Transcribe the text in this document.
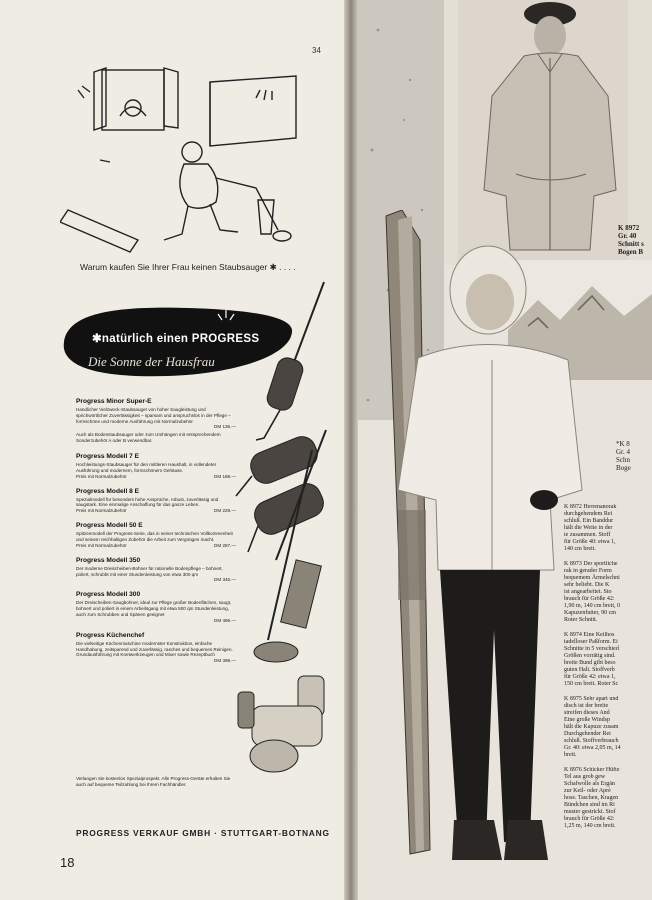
34
Warum kaufen Sie Ihrer Frau keinen Staubsauger ✱ . . . .
✱natürlich einen PROGRESS
Die Sonne der Hausfrau
Progress Minor Super-E
Handlicher Vielzweck-Staubsauger von hoher Saugleistung und sprichwörtlicher Zuverlässigkeit – sparsam und anspruchslos in der Pflege – formschöne und moderne Ausführung mit Normalzubehör
DM 135.—
Auch als Bodenstaubsauger oder zum Umhängen mit entsprechendem Sonderzubehör A oder B verwendbar.
Progress Modell 7 E
Hochleistungs-Staubsauger für den mittleren Haushalt, in vollendeter Ausführung und modernem, formschönem Gehäuse.
Preis mit Normalzubehör	DM 188.—
Progress Modell 8 E
Spezialmodell für besonders hohe Ansprüche, robust, zuverlässig und saugstark. Eine einmalige Anschaffung für das ganze Leben.
Preis mit Normalzubehör	DM 228.—
Progress Modell 50 E
Spitzenmodell der Progress-Serie, das in seiner technischen Vollkommenheit und seinem reichhaltigen Zubehör die Arbeit zum Vergnügen macht.
Preis mit Normalzubehör	DM 287.—
Progress Modell 350
Der moderne Dreischeiben-Bohner für rationelle Bodenpflege – bohnert, poliert, schrubbt mit einer Stundenleistung von etwa 300 qm
DM 345.—
Progress Modell 300
Der Dreischeiben-Saugbohner, ideal zur Pflege großer Bodenflächen, saugt, bohnert und poliert in einem Arbeitsgang mit etwa 500 qm Stundenleistung, auch zum Schrubben und Spänen geeignet
DM 495.—
Progress Küchenchef
Die vielseitige Küchenmaschine modernster Konstruktion, einfache Handhabung, zeitsparend und zuverlässig, rasches und bequemes Reinigen. Grundausführung mit Knetwerkzeugen und Mixer sowie Rezeptbuch
DM 398.—
Verlangen Sie kostenlos Spezialprospekt. Alle Progress-Geräte erhalten Sie auch auf bequeme Teilzahlung bei Ihrem Fachhändler.
PROGRESS VERKAUF GMBH · STUTTGART-BOTNANG
18
K 8972
Gr. 40
Schnitt s
Bogen B
*K 8
Gr. 4
Schn
Boge
K 8972 Herrenanorak
durchgehendem Rei
schluß. Ein Banddur
hält die Weite in der
ie zusammen. Stoff
für Größe 40: etwa 1,
140 cm breit.
K 8973 Der sportliche
rak in gerader Form
bequemem Ärmelschni
sehr beliebt. Die K
ist angearbeitet. Sto
brauch für Größe 42:
1,90 m, 140 cm breit, 0
Kapuzenfutter, 90 cm
Roter Schnitt.
K 8974 Eine Keilhos
tadelloser Paßform. Ei
Schnitte in 5 verschied
Größen vorrätig sind.
breite Bund gibt beso
guten Halt. Stoffverb
für Größe 42: etwa 1,
150 cm breit. Roter Sc
K 8975 Sehr apart und
disch ist der breite
streifen dieses And
Eine große Windsp
hält die Kapuze zusam
Durchgehender Rei
schluß. Stoffverbrauch
Gr. 40: etwa 2,05 m, 14
breit.
K 8976 Schicker Hüfte
Tel aus grob gew
Schafwolle als Ergän
zur Keil- oder Aprè
hose. Taschen, Kragen
Bündchen sind im Ri
muster gestrickt. Stof
brauch für Größe 42:
1,25 m, 140 cm breit.
